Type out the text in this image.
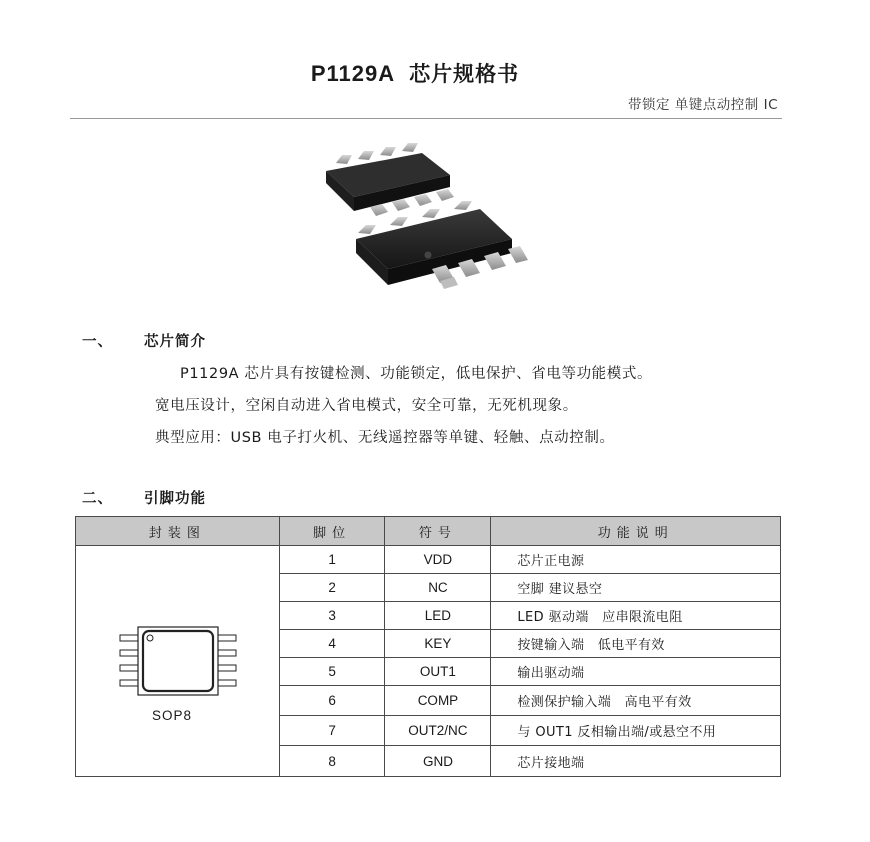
P1129A 芯片规格书
带锁定 单键点动控制 IC
一、 芯片简介
P1129A 芯片具有按键检测、功能锁定，低电保护、省电等功能模式。
宽电压设计，空闲自动进入省电模式，安全可靠，无死机现象。
典型应用：USB 电子打火机、无线遥控器等单键、轻触、点动控制。
二、 引脚功能
封装图	脚位	符号	功能说明

SOP8	1	VDD	芯片正电源
	2	NC	空脚 建议悬空
	3	LED	LED 驱动端　应串限流电阻
	4	KEY	按键输入端　低电平有效
	5	OUT1	输出驱动端
	6	COMP	检测保护输入端　高电平有效
	7	OUT2/NC	与 OUT1 反相输出端/或悬空不用
	8	GND	芯片接地端
